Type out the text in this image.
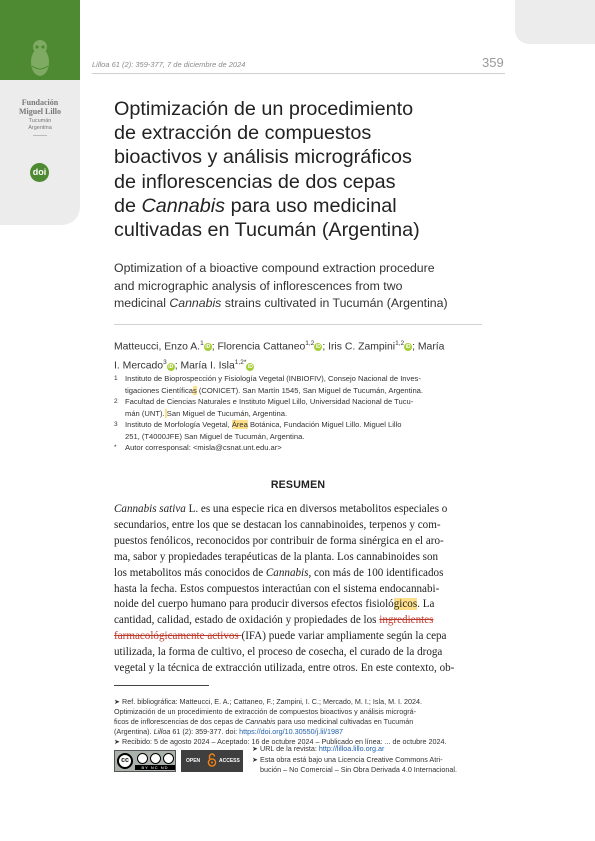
Fundación
Miguel Lillo
Tucumán
Argentina
doi
Lilloa 61 (2): 359-377, 7 de diciembre de 2024	359

Optimización de un procedimiento

de extracción de compuestos

bioactivos y análisis micrográficos

de inflorescencias de dos cepas

de Cannabis para uso medicinal

cultivadas en Tucumán (Argentina)

Optimization of a bioactive compound extraction procedure

and micrographic analysis of inflorescences from two

medicinal Cannabis strains cultivated in Tucumán (Argentina)

Matteucci, Enzo A.$^1$iD ; Florencia Cattaneo$^{1,2}$iD ; Iris C. Zampini$^{1,2}$iD ; María

I. Mercado$^3$iD ; María I. Isla$^{1,2*}$iD

1 Instituto de Bioprospección y Fisiología Vegetal (INBIOFIV), Consejo Nacional de Inves-

tigaciones Científicas (CONICET). San Martín 1545, San Miguel de Tucumán, Argentina.

2 Facultad de Ciencias Naturales e Instituto Miguel Lillo, Universidad Nacional de Tucu-

mán (UNT). San Miguel de Tucumán, Argentina.

3 Instituto de Morfología Vegetal, Área Botánica, Fundación Miguel Lillo. Miguel Lillo

251, (T4000JFE) San Miguel de Tucumán, Argentina.

* Autor corresponsal: <misla@csnat.unt.edu.ar>

RESUMEN

Cannabis sativa L. es una especie rica en diversos metabolitos especiales o

secundarios, entre los que se destacan los cannabinoides, terpenos y com-

puestos fenólicos, reconocidos por contribuir de forma sinérgica en el aro-

ma, sabor y propiedades terapéuticas de la planta. Los cannabinoides son

los metabolitos más conocidos de Cannabis, con más de 100 identificados

hasta la fecha. Estos compuestos interactúan con el sistema endocannabi-

noide del cuerpo humano para producir diversos efectos fisiológicos. La

cantidad, calidad, estado de oxidación y propiedades de los ingredientes

farmacológicamente activos (IFA) puede variar ampliamente según la cepa

utilizada, la forma de cultivo, el proceso de cosecha, el curado de la droga

vegetal y la técnica de extracción utilizada, entre otros. En este contexto, ob-

➤ Ref. bibliográfica: Matteucci, E. A.; Cattaneo, F.; Zampini, I. C.; Mercado, M. I.; Isla, M. I. 2024.

Optimización de un procedimiento de extracción de compuestos bioactivos y análisis micrográ-

ficos de inflorescencias de dos cepas de Cannabis para uso medicinal cultivadas en Tucumán

(Argentina). Lilloa 61 (2): 359-377. doi: https://doi.org/10.30550/j.lil/1987

➤ Recibido: 5 de agosto 2024 – Aceptado: 16 de octubre 2024 – Publicado en línea: ... de octubre 2024.

cc
BY NC ND
OPEN	ACCESS

➤ URL de la revista: http://lilloa.lillo.org.ar

➤ Esta obra está bajo una Licencia Creative Commons Atri-

bución – No Comercial – Sin Obra Derivada 4.0 Internacional.
